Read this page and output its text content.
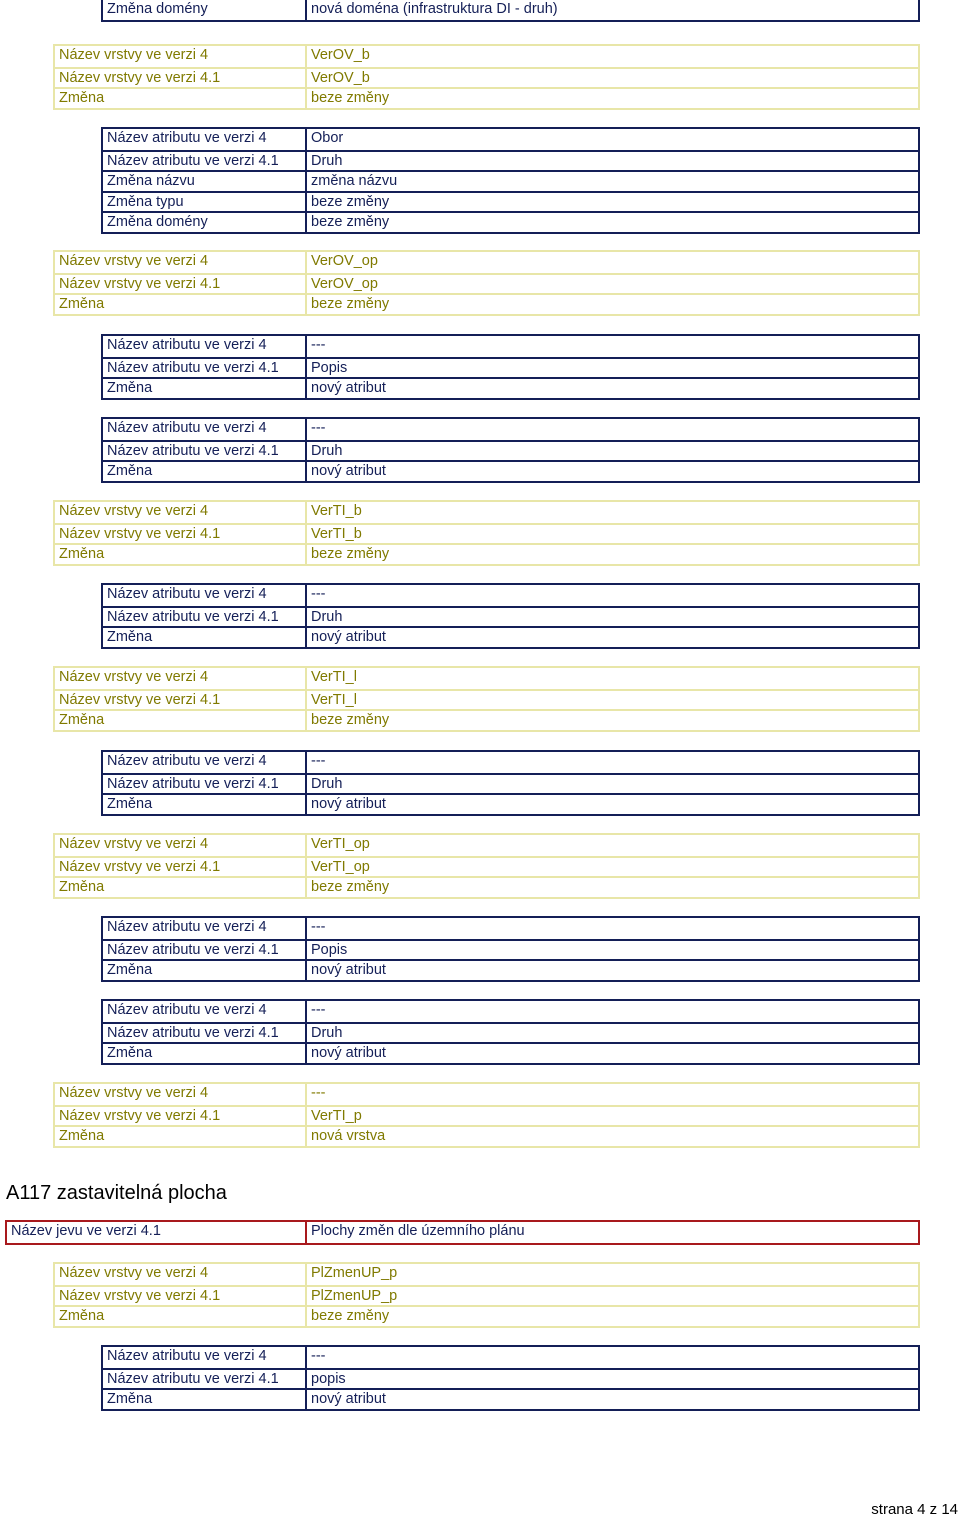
Změna domény	nová doména (infrastruktura DI - druh)
Název vrstvy ve verzi 4	VerOV_b
Název vrstvy ve verzi 4.1	VerOV_b
Změna	beze změny
Název atributu ve verzi 4	Obor
Název atributu ve verzi 4.1	Druh
Změna názvu	změna názvu
Změna typu	beze změny
Změna domény	beze změny
Název vrstvy ve verzi 4	VerOV_op
Název vrstvy ve verzi 4.1	VerOV_op
Změna	beze změny
Název atributu ve verzi 4	---
Název atributu ve verzi 4.1	Popis
Změna	nový atribut
Název atributu ve verzi 4	---
Název atributu ve verzi 4.1	Druh
Změna	nový atribut
Název vrstvy ve verzi 4	VerTI_b
Název vrstvy ve verzi 4.1	VerTI_b
Změna	beze změny
Název atributu ve verzi 4	---
Název atributu ve verzi 4.1	Druh
Změna	nový atribut
Název vrstvy ve verzi 4	VerTI_l
Název vrstvy ve verzi 4.1	VerTI_l
Změna	beze změny
Název atributu ve verzi 4	---
Název atributu ve verzi 4.1	Druh
Změna	nový atribut
Název vrstvy ve verzi 4	VerTI_op
Název vrstvy ve verzi 4.1	VerTI_op
Změna	beze změny
Název atributu ve verzi 4	---
Název atributu ve verzi 4.1	Popis
Změna	nový atribut
Název atributu ve verzi 4	---
Název atributu ve verzi 4.1	Druh
Změna	nový atribut
Název vrstvy ve verzi 4	---
Název vrstvy ve verzi 4.1	VerTI_p
Změna	nová vrstva
Název jevu ve verzi 4.1	Plochy změn dle územního plánu
Název vrstvy ve verzi 4	PlZmenUP_p
Název vrstvy ve verzi 4.1	PlZmenUP_p
Změna	beze změny
Název atributu ve verzi 4	---
Název atributu ve verzi 4.1	popis
Změna	nový atribut
A117 zastavitelná plocha
strana 4 z 14
